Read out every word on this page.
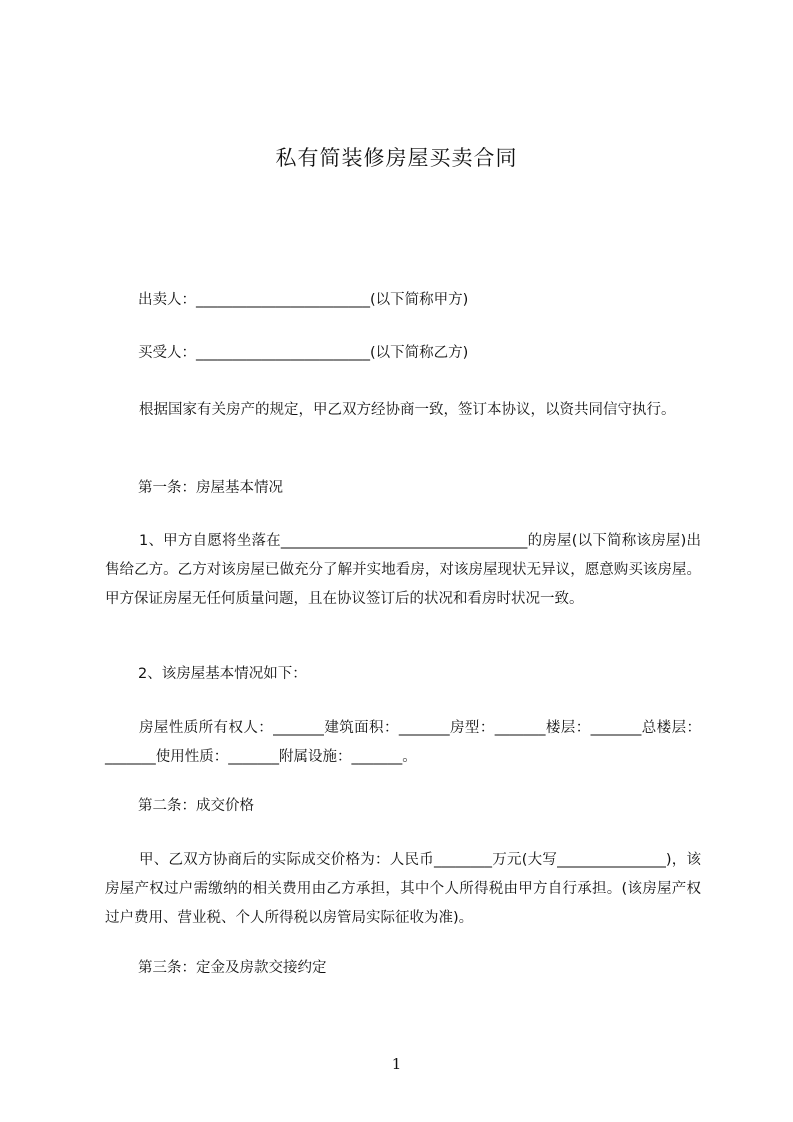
私有简装修房屋买卖合同
出卖人：________________________(以下简称甲方)
买受人：________________________(以下简称乙方)
根据国家有关房产的规定，甲乙双方经协商一致，签订本协议，以资共同信守执行。
第一条：房屋基本情况
1、甲方自愿将坐落在__________________________________的房屋(以下简称该房屋)出售给乙方。乙方对该房屋已做充分了解并实地看房，对该房屋现状无异议，愿意购买该房屋。甲方保证房屋无任何质量问题，且在协议签订后的状况和看房时状况一致。
2、该房屋基本情况如下：
房屋性质所有权人：_______建筑面积：_______房型：_______楼层：_______总楼层：_______使用性质：_______附属设施：_______。
第二条：成交价格
甲、乙双方协商后的实际成交价格为：人民币________万元(大写_______________)，该房屋产权过户需缴纳的相关费用由乙方承担，其中个人所得税由甲方自行承担。(该房屋产权过户费用、营业税、个人所得税以房管局实际征收为准)。
第三条：定金及房款交接约定
1
